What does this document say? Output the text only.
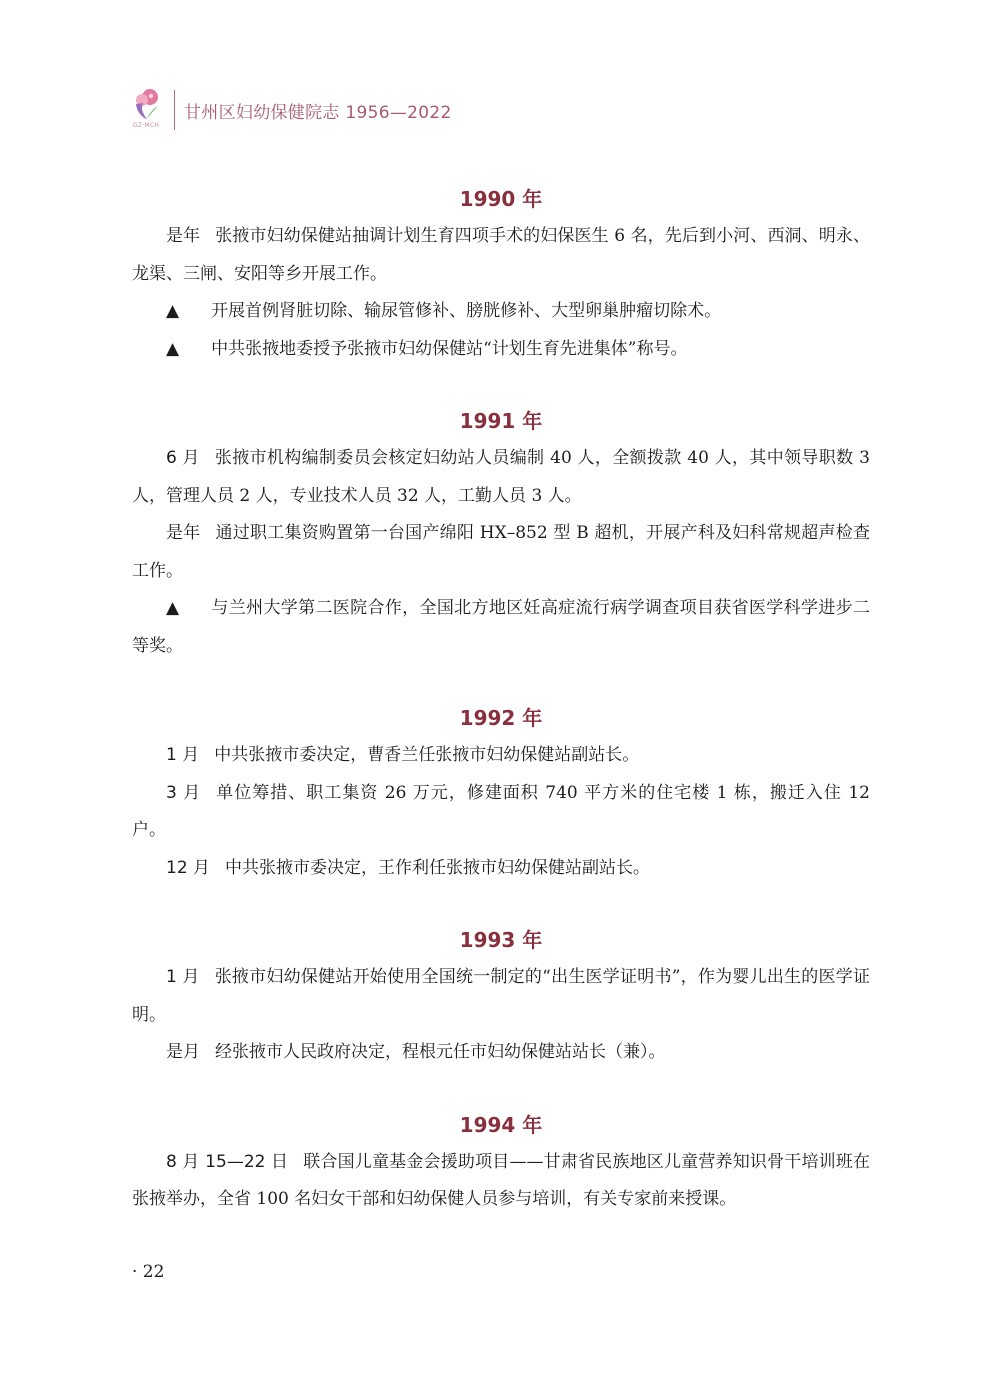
GZ·MCH
甘州区妇幼保健院志 1956—2022
1990 年

是年 张掖市妇幼保健站抽调计划生育四项手术的妇保医生 6 名，先后到小河、西洞、明永、龙渠、三闸、安阳等乡开展工作。

▲ 开展首例肾脏切除、输尿管修补、膀胱修补、大型卵巢肿瘤切除术。

▲ 中共张掖地委授予张掖市妇幼保健站“计划生育先进集体”称号。

1991 年

6 月 张掖市机构编制委员会核定妇幼站人员编制 40 人，全额拨款 40 人，其中领导职数 3 人，管理人员 2 人，专业技术人员 32 人，工勤人员 3 人。

是年 通过职工集资购置第一台国产绵阳 HX–852 型 B 超机，开展产科及妇科常规超声检查工作。

▲ 与兰州大学第二医院合作，全国北方地区妊高症流行病学调查项目获省医学科学进步二等奖。

1992 年

1 月 中共张掖市委决定，曹香兰任张掖市妇幼保健站副站长。

3 月 单位筹措、职工集资 26 万元，修建面积 740 平方米的住宅楼 1 栋，搬迁入住 12 户。

12 月 中共张掖市委决定，王作利任张掖市妇幼保健站副站长。

1993 年

1 月 张掖市妇幼保健站开始使用全国统一制定的“出生医学证明书”，作为婴儿出生的医学证明。

是月 经张掖市人民政府决定，程根元任市妇幼保健站站长（兼）。

1994 年

8 月 15—22 日 联合国儿童基金会援助项目——甘肃省民族地区儿童营养知识骨干培训班在张掖举办，全省 100 名妇女干部和妇幼保健人员参与培训，有关专家前来授课。

· 22
